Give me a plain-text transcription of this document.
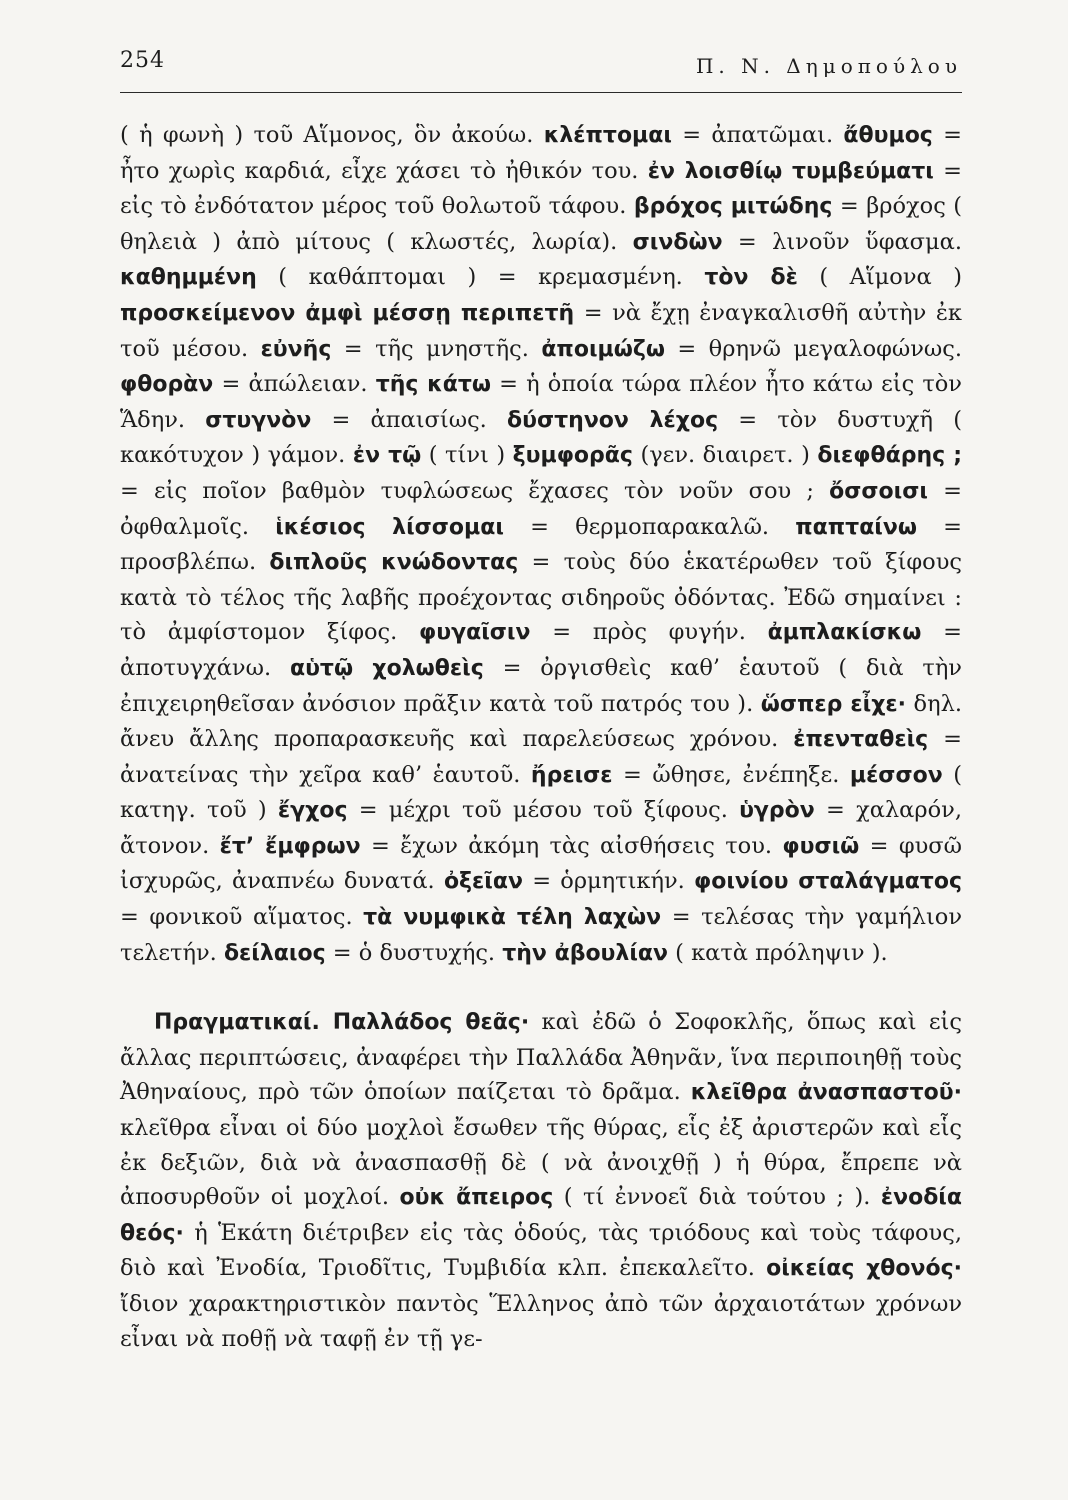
254	Π. Ν. Δημοπούλου

( ἡ φωνὴ ) τοῦ Αἵμονος, ὃν ἀκούω. κλέπτομαι = ἀπατῶμαι. ἄθυμος = ἦτο χωρὶς καρδιά, εἶχε χάσει τὸ ἠθικόν του. ἐν λοισθίῳ τυμβεύματι = εἰς τὸ ἐνδότατον μέρος τοῦ θολωτοῦ τάφου. βρόχος μιτώδης = βρόχος ( θηλειὰ ) ἀπὸ μίτους ( κλωστές, λωρία). σινδὼν = λινοῦν ὕφασμα. καθημμένη ( καθάπτομαι ) = κρεμασμένη. τὸν δὲ ( Αἵμονα ) προσκείμενον ἀμφὶ μέσσῃ περιπετῆ = νὰ ἔχῃ ἐναγκαλισθῆ αὐτὴν ἐκ τοῦ μέσου. εὐνῆς = τῆς μνηστῆς. ἀποιμώζω = θρηνῶ μεγαλοφώνως. φθορὰν = ἀπώλειαν. τῆς κάτω = ἡ ὁποία τώρα πλέον ἦτο κάτω εἰς τὸν Ἅδην. στυγνὸν = ἀπαισίως. δύστηνον λέχος = τὸν δυστυχῆ ( κακότυχον ) γάμον. ἐν τῷ ( τίνι ) ξυμφορᾶς (γεν. διαιρετ. ) διεφθάρης ; = εἰς ποῖον βαθμὸν τυφλώσεως ἔχασες τὸν νοῦν σου ; ὄσσοισι = ὀφθαλμοῖς. ἱκέσιος λίσσομαι = θερμοπαρακαλῶ. παπταίνω = προσβλέπω. διπλοῦς κνώδοντας = τοὺς δύο ἑκατέρωθεν τοῦ ξίφους κατὰ τὸ τέλος τῆς λαβῆς προέχοντας σιδηροῦς ὀδόντας. Ἐδῶ σημαίνει : τὸ ἀμφίστομον ξίφος. φυγαῖσιν = πρὸς φυγήν. ἀμπλακίσκω = ἀποτυγχάνω. αὑτῷ χολωθεὶς = ὀργισθεὶς καθ’ ἑαυτοῦ ( διὰ τὴν ἐπιχειρηθεῖσαν ἀνόσιον πρᾶξιν κατὰ τοῦ πατρός του ). ὥσπερ εἶχε· δηλ. ἄνευ ἄλλης προπαρασκευῆς καὶ παρελεύσεως χρόνου. ἐπενταθεὶς = ἀνατείνας τὴν χεῖρα καθ’ ἑαυτοῦ. ἤρεισε = ὤθησε, ἐνέπηξε. μέσσον ( κατηγ. τοῦ ) ἔγχος = μέχρι τοῦ μέσου τοῦ ξίφους. ὑγρὸν = χαλαρόν, ἄτονον. ἔτ’ ἔμφρων = ἔχων ἀκόμη τὰς αἰσθήσεις του. φυσιῶ = φυσῶ ἰσχυρῶς, ἀναπνέω δυνατά. ὀξεῖαν = ὁρμητικήν. φοινίου σταλάγματος = φονικοῦ αἵματος. τὰ νυμφικὰ τέλη λαχὼν = τελέσας τὴν γαμήλιον τελετήν. δείλαιος = ὁ δυστυχής. τὴν ἀβουλίαν ( κατὰ πρόληψιν ).

Πραγματικαί. Παλλάδος θεᾶς· καὶ ἐδῶ ὁ Σοφοκλῆς, ὅπως καὶ εἰς ἄλλας περιπτώσεις, ἀναφέρει τὴν Παλλάδα Ἀθηνᾶν, ἵνα περιποιηθῇ τοὺς Ἀθηναίους, πρὸ τῶν ὁποίων παίζεται τὸ δρᾶμα. κλεῖθρα ἀνασπαστοῦ· κλεῖθρα εἶναι οἱ δύο μοχλοὶ ἔσωθεν τῆς θύρας, εἷς ἐξ ἀριστερῶν καὶ εἷς ἐκ δεξιῶν, διὰ νὰ ἀνασπασθῇ δὲ ( νὰ ἀνοιχθῇ ) ἡ θύρα, ἔπρεπε νὰ ἀποσυρθοῦν οἱ μοχλοί. οὐκ ἄπειρος ( τί ἐννοεῖ διὰ τούτου ; ). ἐνοδία θεός· ἡ Ἑκάτη διέτριβεν εἰς τὰς ὁδούς, τὰς τριόδους καὶ τοὺς τάφους, διὸ καὶ Ἐνοδία, Τριοδῖτις, Τυμβιδία κλπ. ἐπεκαλεῖτο. οἰκείας χθονός· ἴδιον χαρακτηριστικὸν παντὸς Ἕλληνος ἀπὸ τῶν ἀρχαιοτάτων χρόνων εἶναι νὰ ποθῇ νὰ ταφῇ ἐν τῇ γε-
